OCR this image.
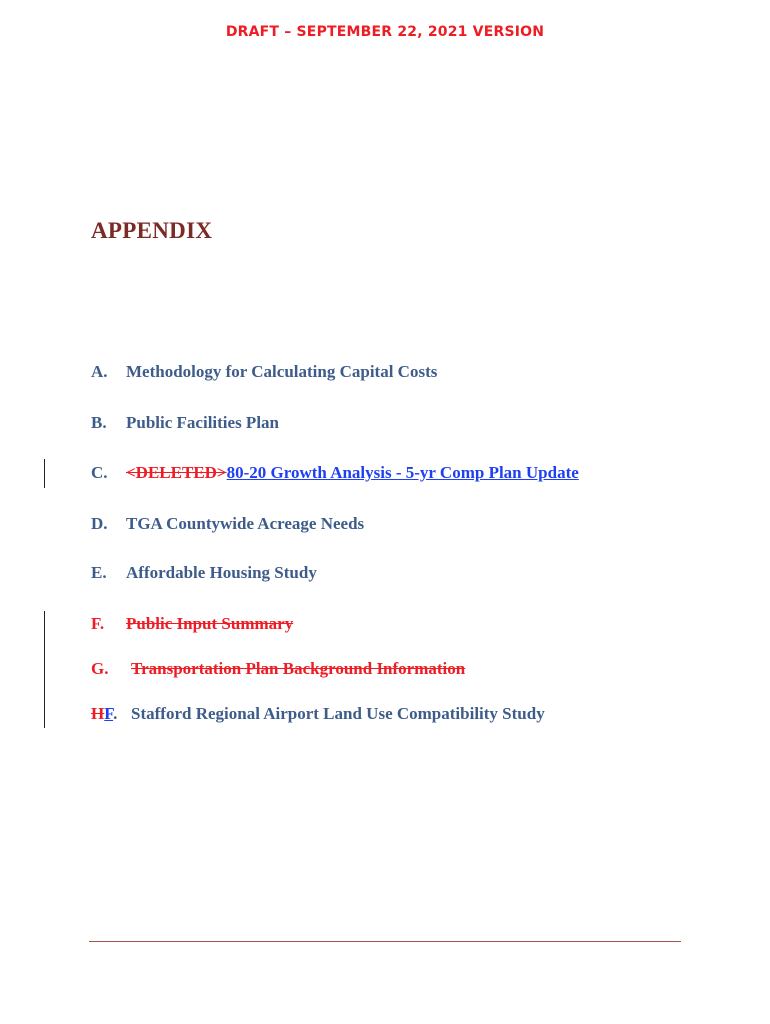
DRAFT – SEPTEMBER 22, 2021 VERSION
APPENDIX
A. Methodology for Calculating Capital Costs
B. Public Facilities Plan
C. <DELETED>80-20 Growth Analysis - 5-yr Comp Plan Update
D. TGA Countywide Acreage Needs
E. Affordable Housing Study
F. Public Input Summary
G. Transportation Plan Background Information
HF. Stafford Regional Airport Land Use Compatibility Study
